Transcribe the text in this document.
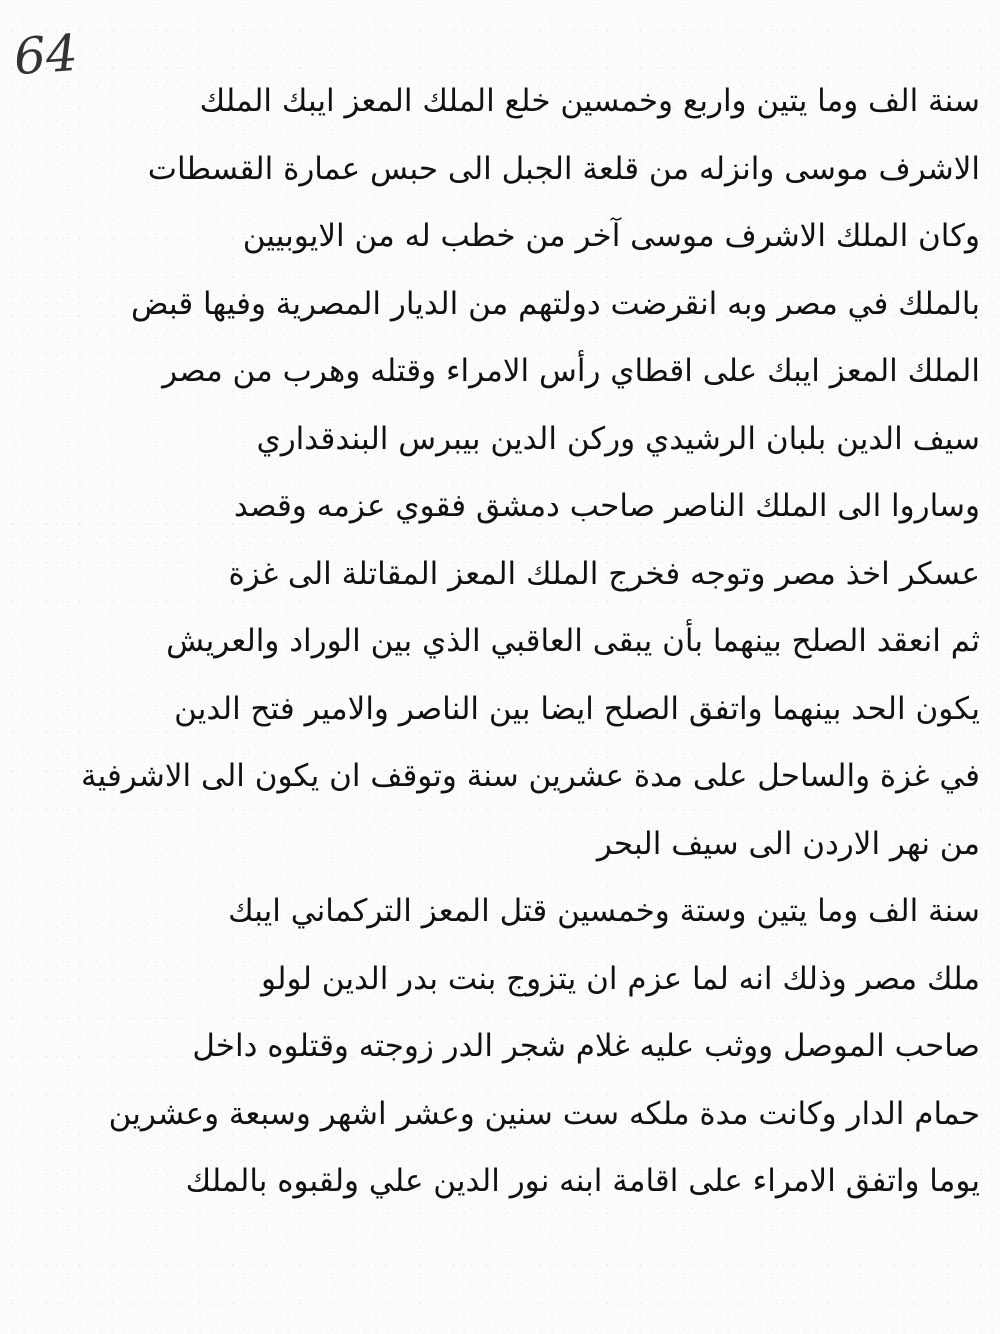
64
سنة الف وما يتين واربع وخمسين خلع الملك المعز ايبك الملك
الاشرف موسى وانزله من قلعة الجبل الى حبس عمارة القسطات
وكان الملك الاشرف موسى آخر من خطب له من الايوبيين
بالملك في مصر وبه انقرضت دولتهم من الديار المصرية وفيها قبض
الملك المعز ايبك على اقطاي رأس الامراء وقتله وهرب من مصر
سيف الدين بلبان الرشيدي وركن الدين بيبرس البندقداري
وساروا الى الملك الناصر صاحب دمشق فقوي عزمه وقصد
عسكر اخذ مصر وتوجه فخرج الملك المعز المقاتلة الى غزة
ثم انعقد الصلح بينهما بأن يبقى العاقبي الذي بين الوراد والعريش
يكون الحد بينهما واتفق الصلح ايضا بين الناصر والامير فتح الدين
في غزة والساحل على مدة عشرين سنة وتوقف ان يكون الى الاشرفية
من نهر الاردن الى سيف البحر
سنة الف وما يتين وستة وخمسين قتل المعز التركماني ايبك
ملك مصر وذلك انه لما عزم ان يتزوج بنت بدر الدين لولو
صاحب الموصل ووثب عليه غلام شجر الدر زوجته وقتلوه داخل
حمام الدار وكانت مدة ملكه ست سنين وعشر اشهر وسبعة وعشرين
يوما واتفق الامراء على اقامة ابنه نور الدين علي ولقبوه بالملك
